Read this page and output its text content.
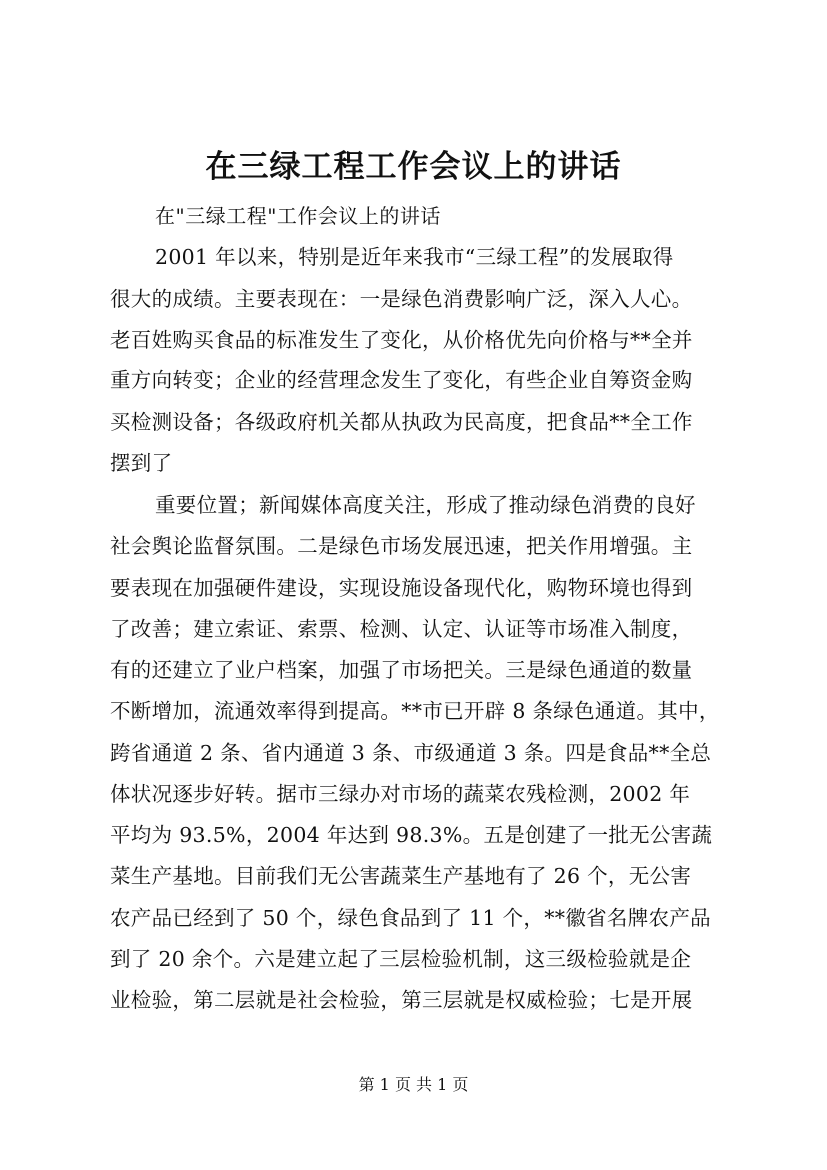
在三绿工程工作会议上的讲话
在"三绿工程"工作会议上的讲话
2001 年以来，特别是近年来我市“三绿工程”的发展取得
很大的成绩。主要表现在：一是绿色消费影响广泛，深入人心。
老百姓购买食品的标准发生了变化，从价格优先向价格与**全并
重方向转变；企业的经营理念发生了变化，有些企业自筹资金购
买检测设备；各级政府机关都从执政为民高度，把食品**全工作
摆到了
重要位置；新闻媒体高度关注，形成了推动绿色消费的良好
社会舆论监督氛围。二是绿色市场发展迅速，把关作用增强。主
要表现在加强硬件建设，实现设施设备现代化，购物环境也得到
了改善；建立索证、索票、检测、认定、认证等市场准入制度，
有的还建立了业户档案，加强了市场把关。三是绿色通道的数量
不断增加，流通效率得到提高。**市已开辟 8 条绿色通道。其中，
跨省通道 2 条、省内通道 3 条、市级通道 3 条。四是食品**全总
体状况逐步好转。据市三绿办对市场的蔬菜农残检测，2002 年
平均为 93.5%，2004 年达到 98.3%。五是创建了一批无公害蔬
菜生产基地。目前我们无公害蔬菜生产基地有了 26 个，无公害
农产品已经到了 50 个，绿色食品到了 11 个，**徽省名牌农产品
到了 20 余个。六是建立起了三层检验机制，这三级检验就是企
业检验，第二层就是社会检验，第三层就是权威检验；七是开展
第 1 页 共 1 页
